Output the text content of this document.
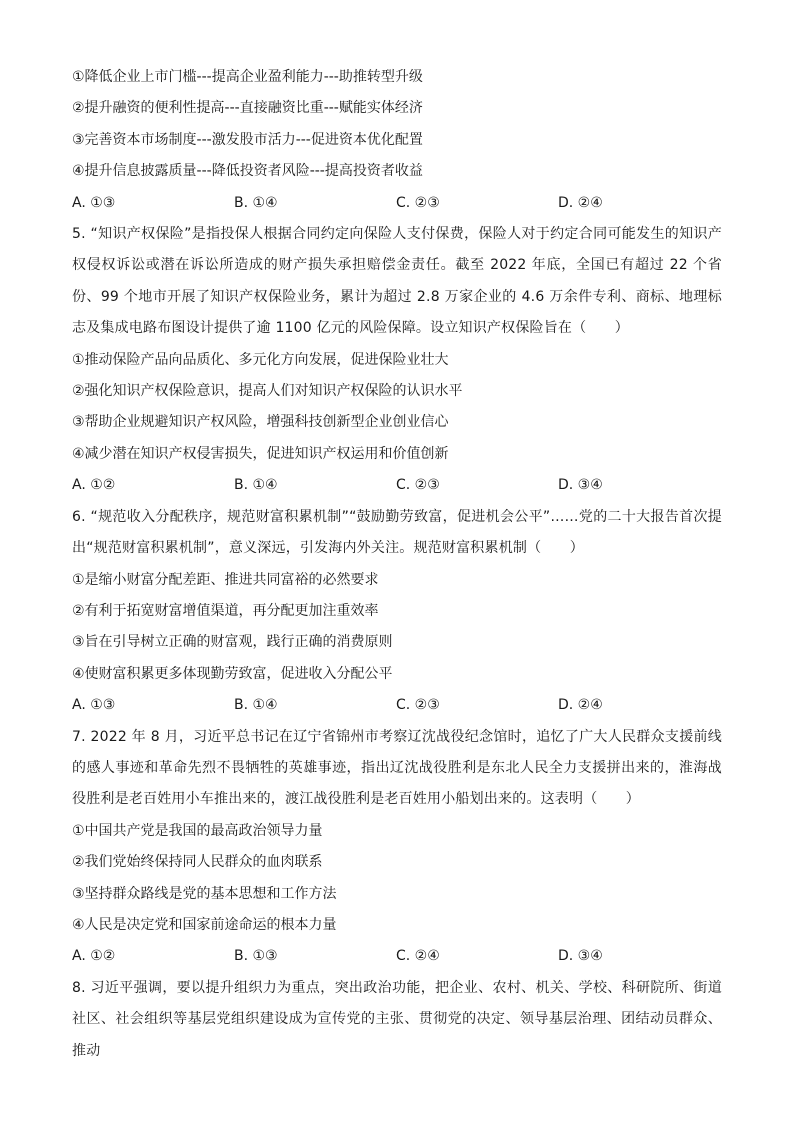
①降低企业上市门槛---提高企业盈利能力---助推转型升级
②提升融资的便利性提高---直接融资比重---赋能实体经济
③完善资本市场制度---激发股市活力---促进资本优化配置
④提升信息披露质量---降低投资者风险---提高投资者收益
A. ①③	B. ①④	C. ②③	D. ②④
5. “知识产权保险”是指投保人根据合同约定向保险人支付保费，保险人对于约定合同可能发生的知识产权侵权诉讼或潜在诉讼所造成的财产损失承担赔偿金责任。截至 2022 年底，全国已有超过 22 个省份、99 个地市开展了知识产权保险业务，累计为超过 2.8 万家企业的 4.6 万余件专利、商标、地理标志及集成电路布图设计提供了逾 1100 亿元的风险保障。设立知识产权保险旨在（　　）
①推动保险产品向品质化、多元化方向发展，促进保险业壮大
②强化知识产权保险意识，提高人们对知识产权保险的认识水平
③帮助企业规避知识产权风险，增强科技创新型企业创业信心
④减少潜在知识产权侵害损失，促进知识产权运用和价值创新
A. ①②	B. ①④	C. ②③	D. ③④
6. “规范收入分配秩序，规范财富积累机制”“鼓励勤劳致富，促进机会公平”……党的二十大报告首次提出“规范财富积累机制”，意义深远，引发海内外关注。规范财富积累机制（　　）
①是缩小财富分配差距、推进共同富裕的必然要求
②有利于拓宽财富增值渠道，再分配更加注重效率
③旨在引导树立正确的财富观，践行正确的消费原则
④使财富积累更多体现勤劳致富，促进收入分配公平
A. ①③	B. ①④	C. ②③	D. ②④
7. 2022 年 8 月，习近平总书记在辽宁省锦州市考察辽沈战役纪念馆时，追忆了广大人民群众支援前线的感人事迹和革命先烈不畏牺牲的英雄事迹，指出辽沈战役胜利是东北人民全力支援拼出来的，淮海战役胜利是老百姓用小车推出来的，渡江战役胜利是老百姓用小船划出来的。这表明（　　）
①中国共产党是我国的最高政治领导力量
②我们党始终保持同人民群众的血肉联系
③坚持群众路线是党的基本思想和工作方法
④人民是决定党和国家前途命运的根本力量
A. ①②	B. ①③	C. ②④	D. ③④
8. 习近平强调，要以提升组织力为重点，突出政治功能，把企业、农村、机关、学校、科研院所、街道社区、社会组织等基层党组织建设成为宣传党的主张、贯彻党的决定、领导基层治理、团结动员群众、推动
